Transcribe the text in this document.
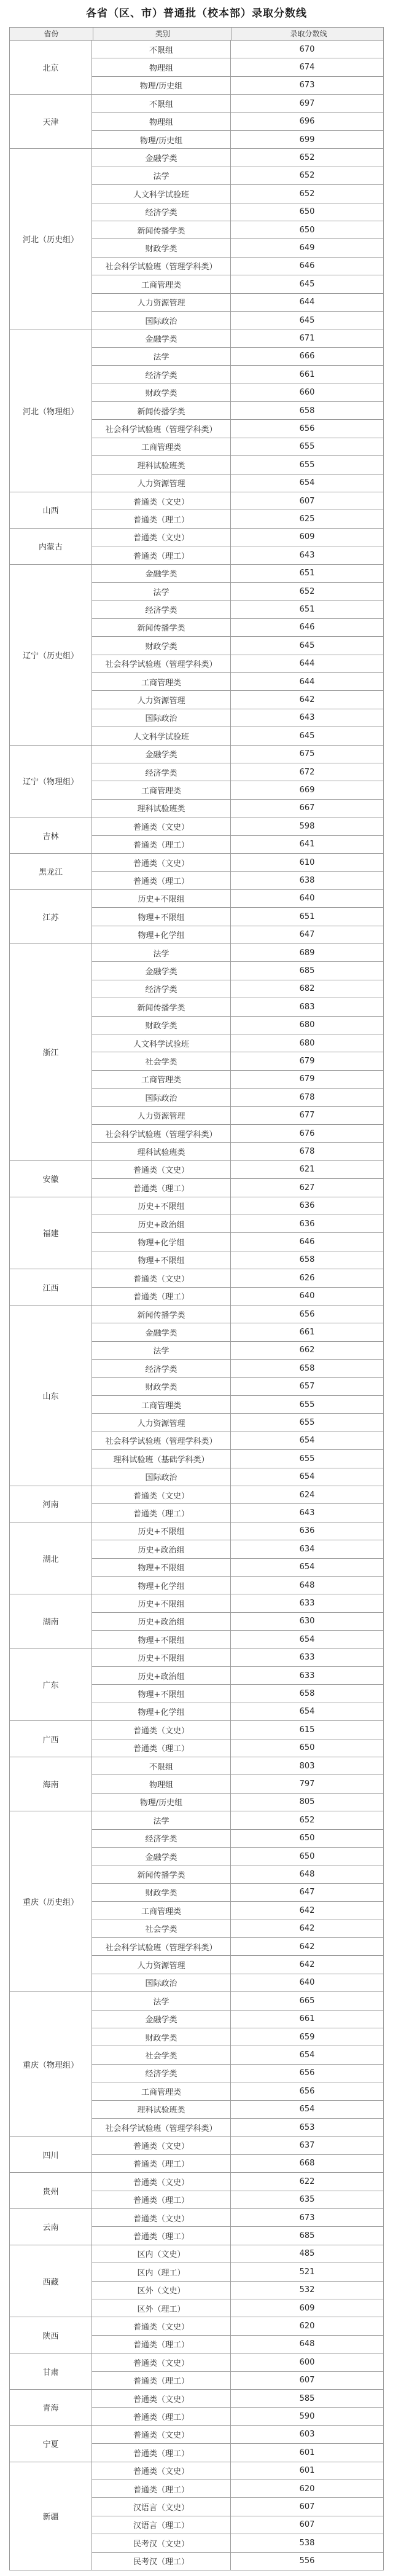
各省（区、市）普通批（校本部）录取分数线
省份	类别	录取分数线
北京
不限组	670
物理组	674
物理/历史组	673
天津
不限组	697
物理组	696
物理/历史组	699
河北（历史组）
金融学类	652
法学	652
人文科学试验班	652
经济学类	650
新闻传播学类	650
财政学类	649
社会科学试验班（管理学科类）	646
工商管理类	645
人力资源管理	644
国际政治	645
河北（物理组）
金融学类	671
法学	666
经济学类	661
财政学类	660
新闻传播学类	658
社会科学试验班（管理学科类）	656
工商管理类	655
理科试验班类	655
人力资源管理	654
山西
普通类（文史）	607
普通类（理工）	625
内蒙古
普通类（文史）	609
普通类（理工）	643
辽宁（历史组）
金融学类	651
法学	652
经济学类	651
新闻传播学类	646
财政学类	645
社会科学试验班（管理学科类）	644
工商管理类	644
人力资源管理	642
国际政治	643
人文科学试验班	645
辽宁（物理组）
金融学类	675
经济学类	672
工商管理类	669
理科试验班类	667
吉林
普通类（文史）	598
普通类（理工）	641
黑龙江
普通类（文史）	610
普通类（理工）	638
江苏
历史+不限组	640
物理+不限组	651
物理+化学组	647
浙江
法学	689
金融学类	685
经济学类	682
新闻传播学类	683
财政学类	680
人文科学试验班	680
社会学类	679
工商管理类	679
国际政治	678
人力资源管理	677
社会科学试验班（管理学科类）	676
理科试验班类	678
安徽
普通类（文史）	621
普通类（理工）	627
福建
历史+不限组	636
历史+政治组	636
物理+化学组	646
物理+不限组	658
江西
普通类（文史）	626
普通类（理工）	640
山东
新闻传播学类	656
金融学类	661
法学	662
经济学类	658
财政学类	657
工商管理类	655
人力资源管理	655
社会科学试验班（管理学科类）	654
理科试验班（基础学科类）	655
国际政治	654
河南
普通类（文史）	624
普通类（理工）	643
湖北
历史+不限组	636
历史+政治组	634
物理+不限组	654
物理+化学组	648
湖南
历史+不限组	633
历史+政治组	630
物理+不限组	654
广东
历史+不限组	633
历史+政治组	633
物理+不限组	658
物理+化学组	654
广西
普通类（文史）	615
普通类（理工）	650
海南
不限组	803
物理组	797
物理/历史组	805
重庆（历史组）
法学	652
经济学类	650
金融学类	650
新闻传播学类	648
财政学类	647
工商管理类	642
社会学类	642
社会科学试验班（管理学科类）	642
人力资源管理	642
国际政治	640
重庆（物理组）
法学	665
金融学类	661
财政学类	659
社会学类	654
经济学类	656
工商管理类	656
理科试验班类	654
社会科学试验班（管理学科类）	653
四川
普通类（文史）	637
普通类（理工）	668
贵州
普通类（文史）	622
普通类（理工）	635
云南
普通类（文史）	673
普通类（理工）	685
西藏
区内（文史）	485
区内（理工）	521
区外（文史）	532
区外（理工）	609
陕西
普通类（文史）	620
普通类（理工）	648
甘肃
普通类（文史）	600
普通类（理工）	607
青海
普通类（文史）	585
普通类（理工）	590
宁夏
普通类（文史）	603
普通类（理工）	601
新疆
普通类（文史）	601
普通类（理工）	620
汉语言（文史）	607
汉语言（理工）	607
民考汉（文史）	538
民考汉（理工）	556
